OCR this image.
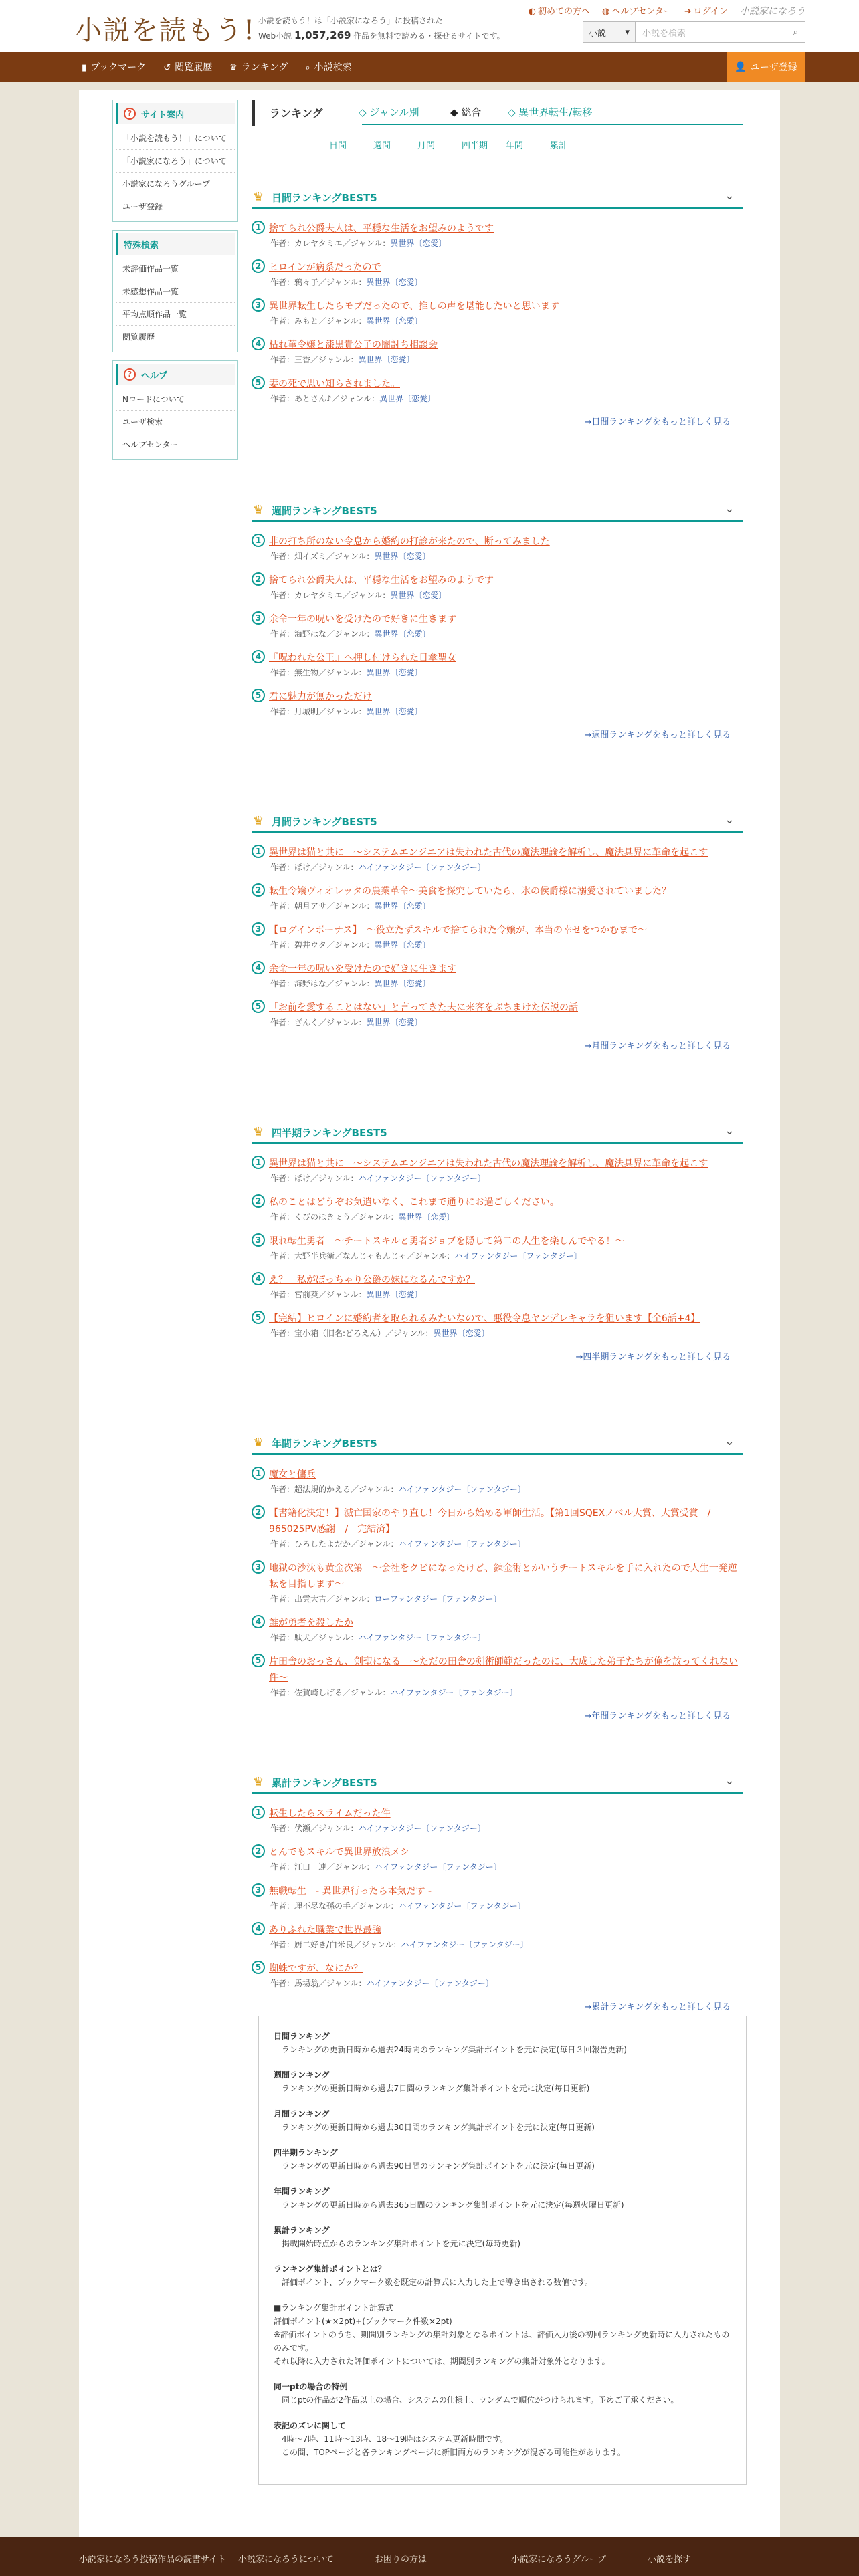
小説を読もう! 小説を読もう！は「小説家になろう」に投稿された
Web小説 1,057,269 作品を無料で読める・探せるサイトです。
◐ 初めての方へ ◍ ヘルプセンター ➜ ログイン 小説家になろう
小説 ▾ 小説を検索	⌕
▮ ブックマーク ↺ 閲覧履歴 ♛ ランキング ⌕ 小説検索	👤 ユーザ登録
?	サイト案内
「小説を読もう！」について
「小説家になろう」について
小説家になろうグループ
ユーザ登録
特殊検索
未評価作品一覧
未感想作品一覧
平均点順作品一覧
閲覧履歴
?	ヘルプ
Nコードについて
ユーザ検索
ヘルプセンター
ランキング	◇ ジャンル別	◆ 総合	◇ 異世界転生/転移
日間	週間	月間	四半期	年間	累計
♛ 日間ランキングBEST5	⌄
1 捨てられ公爵夫人は、平穏な生活をお望みのようです
作者：カレヤタミエ／ジャンル：異世界〔恋愛〕
2 ヒロインが病系だったので
作者：鴉々子／ジャンル：異世界〔恋愛〕
3 異世界転生したらモブだったので、推しの声を堪能したいと思います
作者：みもと／ジャンル：異世界〔恋愛〕
4 枯れ菫令嬢と漆黒貴公子の闇討ち相談会
作者：三香／ジャンル：異世界〔恋愛〕
5 妻の死で思い知らされました。
作者：あとさん♪／ジャンル：異世界〔恋愛〕
→日間ランキングをもっと詳しく見る
♛ 週間ランキングBEST5	⌄
1 非の打ち所のない令息から婚約の打診が来たので、断ってみました
作者：畑イズミ／ジャンル：異世界〔恋愛〕
2 捨てられ公爵夫人は、平穏な生活をお望みのようです
作者：カレヤタミエ／ジャンル：異世界〔恋愛〕
3 余命一年の呪いを受けたので好きに生きます
作者：海野はな／ジャンル：異世界〔恋愛〕
4 『呪われた公王』へ押し付けられた日傘聖女
作者：無生物／ジャンル：異世界〔恋愛〕
5 君に魅力が無かっただけ
作者：月城明／ジャンル：異世界〔恋愛〕
→週間ランキングをもっと詳しく見る
♛ 月間ランキングBEST5	⌄
1 異世界は猫と共に　～システムエンジニアは失われた古代の魔法理論を解析し、魔法具界に革命を起こす
作者：ぱけ／ジャンル：ハイファンタジー〔ファンタジー〕
2 転生令嬢ヴィオレッタの農業革命～美食を探究していたら、氷の侯爵様に溺愛されていました？
作者：朝月アサ／ジャンル：異世界〔恋愛〕
3 【ログインボーナス】　～役立たずスキルで捨てられた令嬢が、本当の幸せをつかむまで～
作者：碧井ウタ／ジャンル：異世界〔恋愛〕
4 余命一年の呪いを受けたので好きに生きます
作者：海野はな／ジャンル：異世界〔恋愛〕
5 「お前を愛することはない」と言ってきた夫に来客をぶちまけた伝説の話
作者：ざんく／ジャンル：異世界〔恋愛〕
→月間ランキングをもっと詳しく見る
♛ 四半期ランキングBEST5	⌄
1 異世界は猫と共に　～システムエンジニアは失われた古代の魔法理論を解析し、魔法具界に革命を起こす
作者：ぱけ／ジャンル：ハイファンタジー〔ファンタジー〕
2 私のことはどうぞお気遣いなく、これまで通りにお過ごしください。
作者：くびのほきょう／ジャンル：異世界〔恋愛〕
3 限れ転生勇者　～チートスキルと勇者ジョブを隠して第二の人生を楽しんでやる！～
作者：大野半兵衛／なんじゃもんじゃ／ジャンル：ハイファンタジー〔ファンタジー〕
4 え？　私がぽっちゃり公爵の妹になるんですか？
作者：宮前葵／ジャンル：異世界〔恋愛〕
5 【完結】ヒロインに婚約者を取られるみたいなので、悪役令息ヤンデレキャラを狙います【全6話+4】
作者：宝小箱（旧名:どろえん）／ジャンル：異世界〔恋愛〕
→四半期ランキングをもっと詳しく見る
♛ 年間ランキングBEST5	⌄
1 魔女と傭兵
作者：超法規的かえる／ジャンル：ハイファンタジー〔ファンタジー〕
2 【書籍化決定！】滅亡国家のやり直し！今日から始める軍師生活。【第1回SQEXノベル大賞、大賞受賞　/　965025PV感謝　/　完結済】
作者：ひろしたよだか／ジャンル：ハイファンタジー〔ファンタジー〕
3 地獄の沙汰も黄金次第　～会社をクビになったけど、錬金術とかいうチートスキルを手に入れたので人生一発逆転を目指します～
作者：出雲大吉／ジャンル：ローファンタジー〔ファンタジー〕
4 誰が勇者を殺したか
作者：駄犬／ジャンル：ハイファンタジー〔ファンタジー〕
5 片田舎のおっさん、剣聖になる　～ただの田舎の剣術師範だったのに、大成した弟子たちが俺を放ってくれない件～
作者：佐賀崎しげる／ジャンル：ハイファンタジー〔ファンタジー〕
→年間ランキングをもっと詳しく見る
♛ 累計ランキングBEST5	⌄
1 転生したらスライムだった件
作者：伏瀬／ジャンル：ハイファンタジー〔ファンタジー〕
2 とんでもスキルで異世界放浪メシ
作者：江口　連／ジャンル：ハイファンタジー〔ファンタジー〕
3 無職転生　- 異世界行ったら本気だす -
作者：理不尽な孫の手／ジャンル：ハイファンタジー〔ファンタジー〕
4 ありふれた職業で世界最強
作者：厨二好き/白米良／ジャンル：ハイファンタジー〔ファンタジー〕
5 蜘蛛ですが、なにか？
作者：馬場翁／ジャンル：ハイファンタジー〔ファンタジー〕
→累計ランキングをもっと詳しく見る
日間ランキング
ランキングの更新日時から過去24時間のランキング集計ポイントを元に決定(毎日３回報告更新)
週間ランキング
ランキングの更新日時から過去7日間のランキング集計ポイントを元に決定(毎日更新)
月間ランキング
ランキングの更新日時から過去30日間のランキング集計ポイントを元に決定(毎日更新)
四半期ランキング
ランキングの更新日時から過去90日間のランキング集計ポイントを元に決定(毎日更新)
年間ランキング
ランキングの更新日時から過去365日間のランキング集計ポイントを元に決定(毎週火曜日更新)
累計ランキング
掲載開始時点からのランキング集計ポイントを元に決定(毎時更新)
ランキング集計ポイントとは？
評価ポイント、ブックマーク数を既定の計算式に入力した上で導き出される数値です。
■ランキング集計ポイント計算式
評価ポイント(★×2pt)+(ブックマーク件数×2pt)
※評価ポイントのうち、期間別ランキングの集計対象となるポイントは、評価入力後の初回ランキング更新時に入力されたもののみです。
それ以降に入力された評価ポイントについては、期間別ランキングの集計対象外となります。
同一ptの場合の特例
同じptの作品が2作品以上の場合、システムの仕様上、ランダムで順位がつけられます。予めご了承ください。
表記のズレに関して
4時〜7時、11時〜13時、18〜19時はシステム更新時間です。
この間、TOPページと各ランキングページに新旧両方のランキングが混ざる可能性があります。
小説家になろう投稿作品の読書サイト 小説家になろうについて	お困りの方は	小説家になろうグループ	小説を探す
